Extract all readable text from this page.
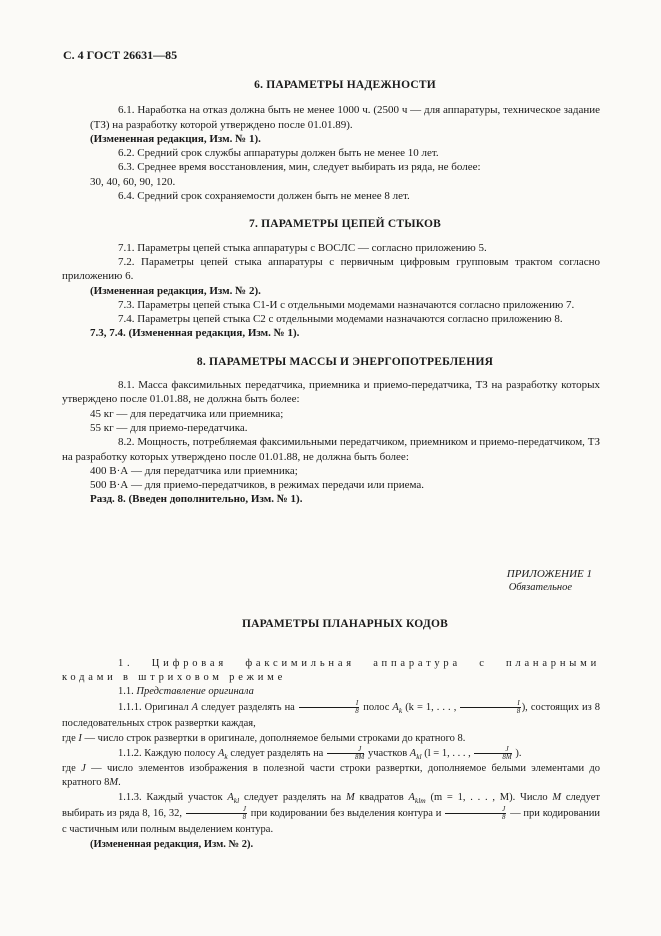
С. 4 ГОСТ 26631—85

6. ПАРАМЕТРЫ НАДЕЖНОСТИ

6.1. Наработка на отказ должна быть не менее 1000 ч. (2500 ч — для аппаратуры, техническое задание (ТЗ) на разработку которой утверждено после 01.01.89).

(Измененная редакция, Изм. № 1).

6.2. Средний срок службы аппаратуры должен быть не менее 10 лет.

6.3. Среднее время восстановления, мин, следует выбирать из ряда, не более:

30, 40, 60, 90, 120.

6.4. Средний срок сохраняемости должен быть не менее 8 лет.

7. ПАРАМЕТРЫ ЦЕПЕЙ СТЫКОВ

7.1. Параметры цепей стыка аппаратуры с ВОСЛС — согласно приложению 5.

7.2. Параметры цепей стыка аппаратуры с первичным цифровым групповым трактом согласно приложению 6.

(Измененная редакция, Изм. № 2).

7.3. Параметры цепей стыка С1-И с отдельными модемами назначаются согласно приложению 7.

7.4. Параметры цепей стыка С2 с отдельными модемами назначаются согласно приложению 8.

7.3, 7.4. (Измененная редакция, Изм. № 1).

8. ПАРАМЕТРЫ МАССЫ И ЭНЕРГОПОТРЕБЛЕНИЯ

8.1. Масса факсимильных передатчика, приемника и приемо-передатчика, ТЗ на разработку которых утверждено после 01.01.88, не должна быть более:

45 кг — для передатчика или приемника;

55 кг — для приемо-передатчика.

8.2. Мощность, потребляемая факсимильными передатчиком, приемником и приемо-передатчиком, ТЗ на разработку которых утверждено после 01.01.88, не должна быть более:

400 В·А — для передатчика или приемника;

500 В·А — для приемо-передатчиков, в режимах передачи или приема.

Разд. 8. (Введен дополнительно, Изм. № 1).

ПРИЛОЖЕНИЕ 1

Обязательное

ПАРАМЕТРЫ ПЛАНАРНЫХ КОДОВ

1. Цифровая факсимильная аппаратура с планарными кодами в штриховом режиме

1.1. Представление оригинала

1.1.1. Оригинал A следует разделять на $\frac{I}{8}$ полос $A_k$ (k = 1, . . . , $\frac{I}{8}$ ), состоящих из 8 последовательных строк развертки каждая,

где I — число строк развертки в оригинале, дополняемое белыми строками до кратного 8.

1.1.2. Каждую полосу $A_k$ следует разделять на $\frac{J}{8M}$ участков $A_{kl}$ (l = 1, . . . , $\frac{J}{8M}$ ).

где J — число элементов изображения в полезной части строки развертки, дополняемое белыми элементами до кратного 8M.

1.1.3. Каждый участок $A_{kl}$ следует разделять на M квадратов $A_{klm}$ (m = 1, . . . , M). Число M следует выбирать из ряда 8, 16, 32, $\frac{J}{8}$ при кодировании без выделения контура и $\frac{J}{8}$ — при кодировании с частичным или полным выделением контура.

(Измененная редакция, Изм. № 2).
